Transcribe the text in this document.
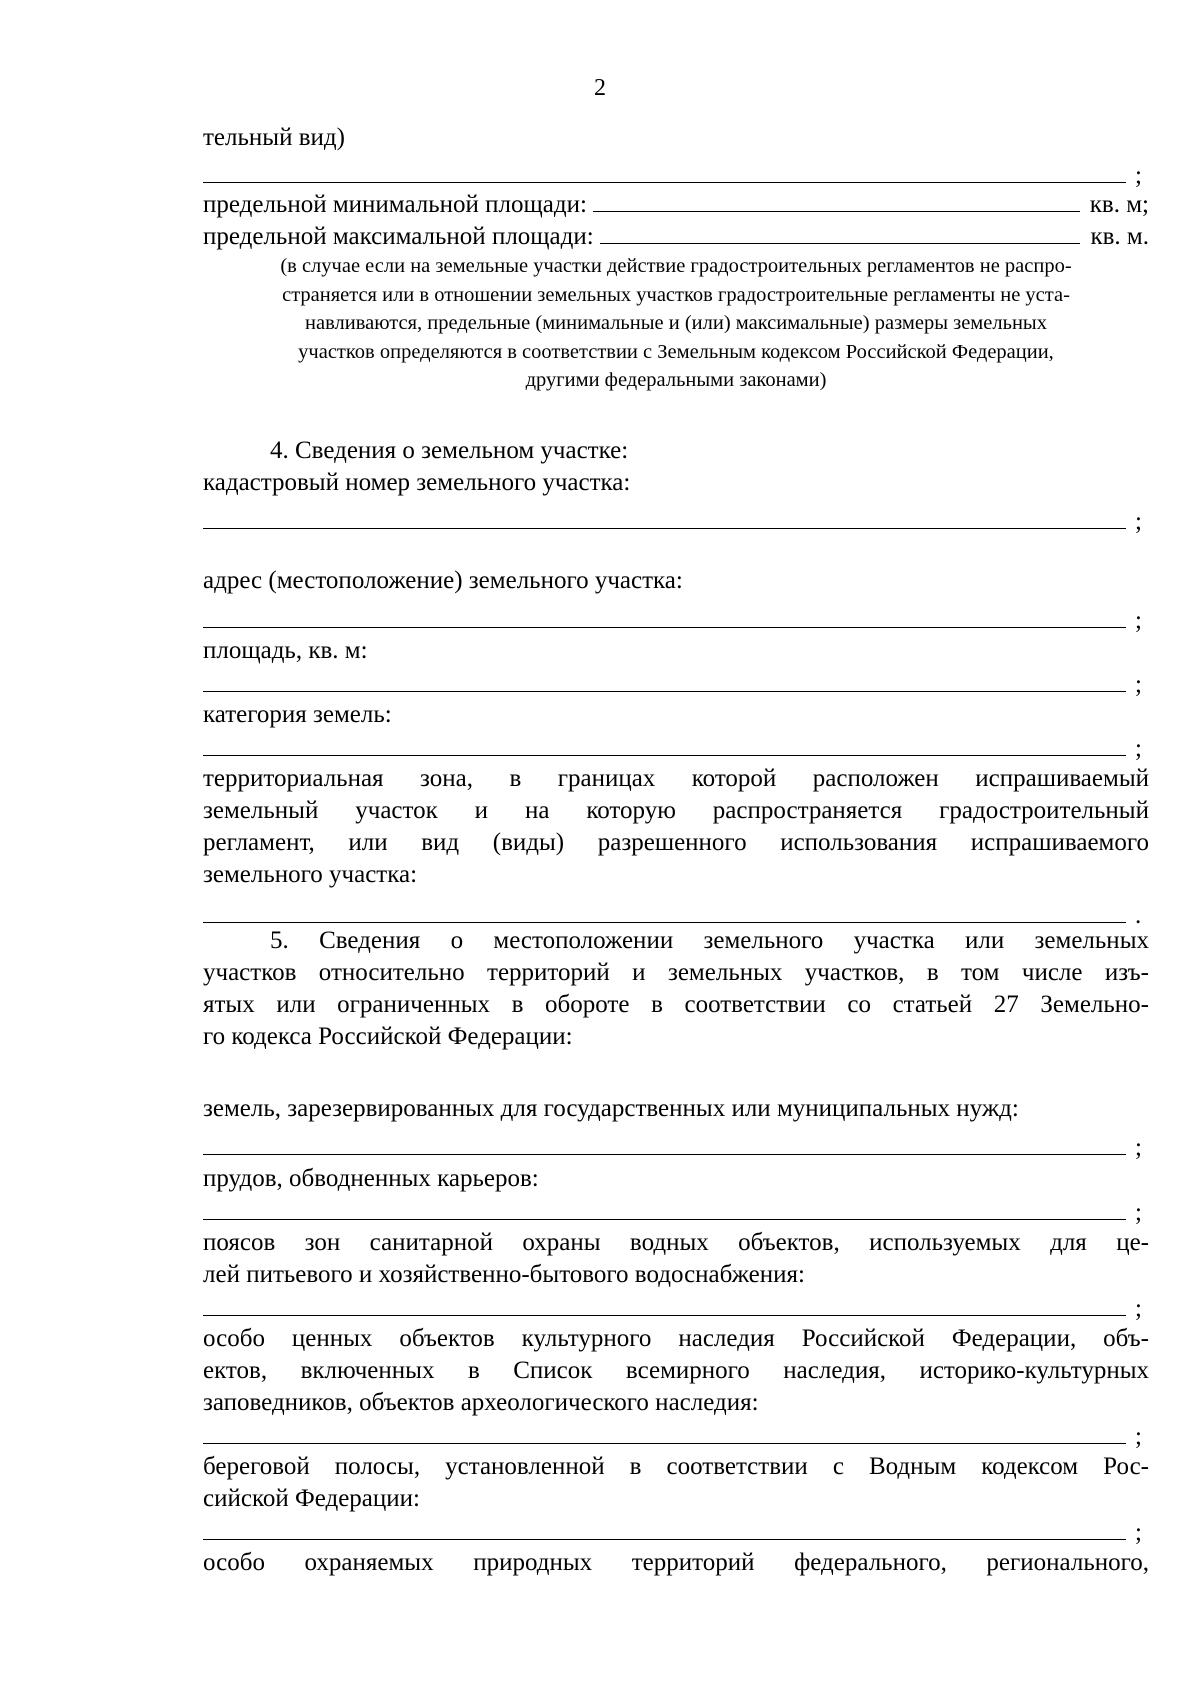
2
тельный вид)
;
предельной минимальной площади:	кв. м;
предельной максимальной площади:	кв. м.
(в случае если на земельные участки действие градостроительных регламентов не распро-
страняется или в отношении земельных участков градостроительные регламенты не уста-
навливаются, предельные (минимальные и (или) максимальные) размеры земельных
участков определяются в соответствии с Земельным кодексом Российской Федерации,
другими федеральными законами)
4. Сведения о земельном участке:
кадастровый номер земельного участка:
;
адрес (местоположение) земельного участка:
;
площадь, кв. м:
;
категория земель:
;
территориальная зона, в границах которой расположен испрашиваемый
земельный участок и на которую распространяется градостроительный
регламент, или вид (виды) разрешенного использования испрашиваемого
земельного участка:
.
5. Сведения о местоположении земельного участка или земельных
участков относительно территорий и земельных участков, в том числе изъ-
ятых или ограниченных в обороте в соответствии со статьей 27 Земельно-
го кодекса Российской Федерации:
земель, зарезервированных для государственных или муниципальных нужд:
;
прудов, обводненных карьеров:
;
поясов зон санитарной охраны водных объектов, используемых для це-
лей питьевого и хозяйственно-бытового водоснабжения:
;
особо ценных объектов культурного наследия Российской Федерации, объ-
ектов, включенных в Список всемирного наследия, историко-культурных
заповедников, объектов археологического наследия:
;
береговой полосы, установленной в соответствии с Водным кодексом Рос-
сийской Федерации:
;
особо охраняемых природных территорий федерального, регионального,
